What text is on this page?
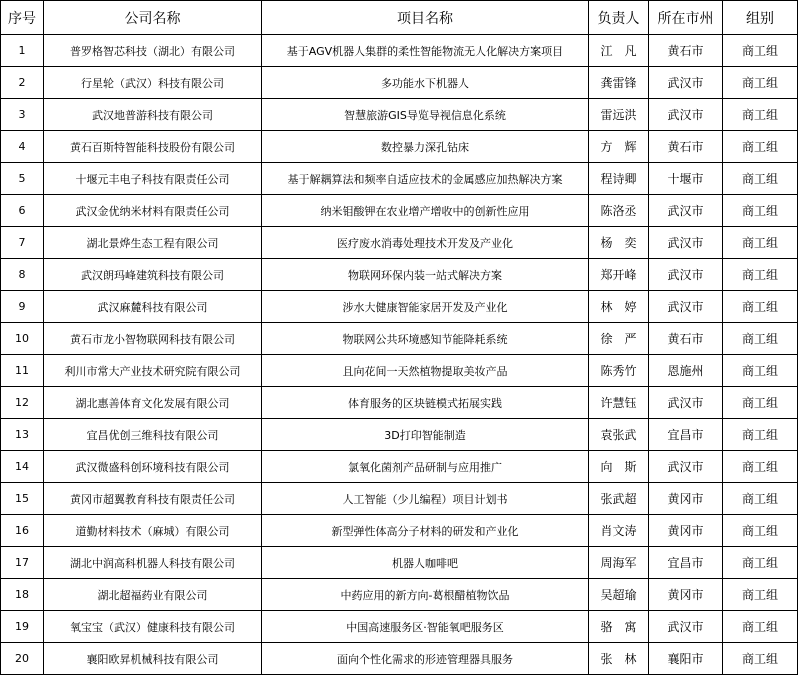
序号	公司名称	项目名称	负责人	所在市州	组别
1	普罗格智芯科技（湖北）有限公司	基于AGV机器人集群的柔性智能物流无人化解决方案项目	江　凡	黄石市	商工组
2	行星轮（武汉）科技有限公司	多功能水下机器人	龚雷锋	武汉市	商工组
3	武汉地普游科技有限公司	智慧旅游GIS导览导视信息化系统	雷远洪	武汉市	商工组
4	黄石百斯特智能科技股份有限公司	数控暴力深孔钻床	方　辉	黄石市	商工组
5	十堰元丰电子科技有限责任公司	基于解耦算法和频率自适应技术的金属感应加热解决方案	程诗卿	十堰市	商工组
6	武汉金优纳米材料有限责任公司	纳米钼酸钾在农业增产增收中的创新性应用	陈洛丞	武汉市	商工组
7	湖北景烨生态工程有限公司	医疗废水消毒处理技术开发及产业化	杨　奕	武汉市	商工组
8	武汉朗玛峰建筑科技有限公司	物联网环保内装一站式解决方案	郑开峰	武汉市	商工组
9	武汉麻麓科技有限公司	涉水大健康智能家居开发及产业化	林　婷	武汉市	商工组
10	黄石市龙小智物联网科技有限公司	物联网公共环境感知节能降耗系统	徐　严	黄石市	商工组
11	利川市常大产业技术研究院有限公司	且向花间一天然植物提取美妆产品	陈秀竹	恩施州	商工组
12	湖北惠善体育文化发展有限公司	体育服务的区块链模式拓展实践	许慧钰	武汉市	商工组
13	宜昌优创三维科技有限公司	3D打印智能制造	袁张武	宜昌市	商工组
14	武汉微盛科创环境科技有限公司	氯氧化菌剂产品研制与应用推广	向　斯	武汉市	商工组
15	黄冈市超翼教育科技有限责任公司	人工智能（少儿编程）项目计划书	张武超	黄冈市	商工组
16	道勤材料技术（麻城）有限公司	新型弹性体高分子材料的研发和产业化	肖文涛	黄冈市	商工组
17	湖北中润高科机器人科技有限公司	机器人咖啡吧	周海军	宜昌市	商工组
18	湖北超福药业有限公司	中药应用的新方向-葛根醋植物饮品	吴超瑜	黄冈市	商工组
19	氧宝宝（武汉）健康科技有限公司	中国高速服务区·智能氧吧服务区	骆　寓	武汉市	商工组
20	襄阳欧昇机械科技有限公司	面向个性化需求的形迹管理器具服务	张　林	襄阳市	商工组
